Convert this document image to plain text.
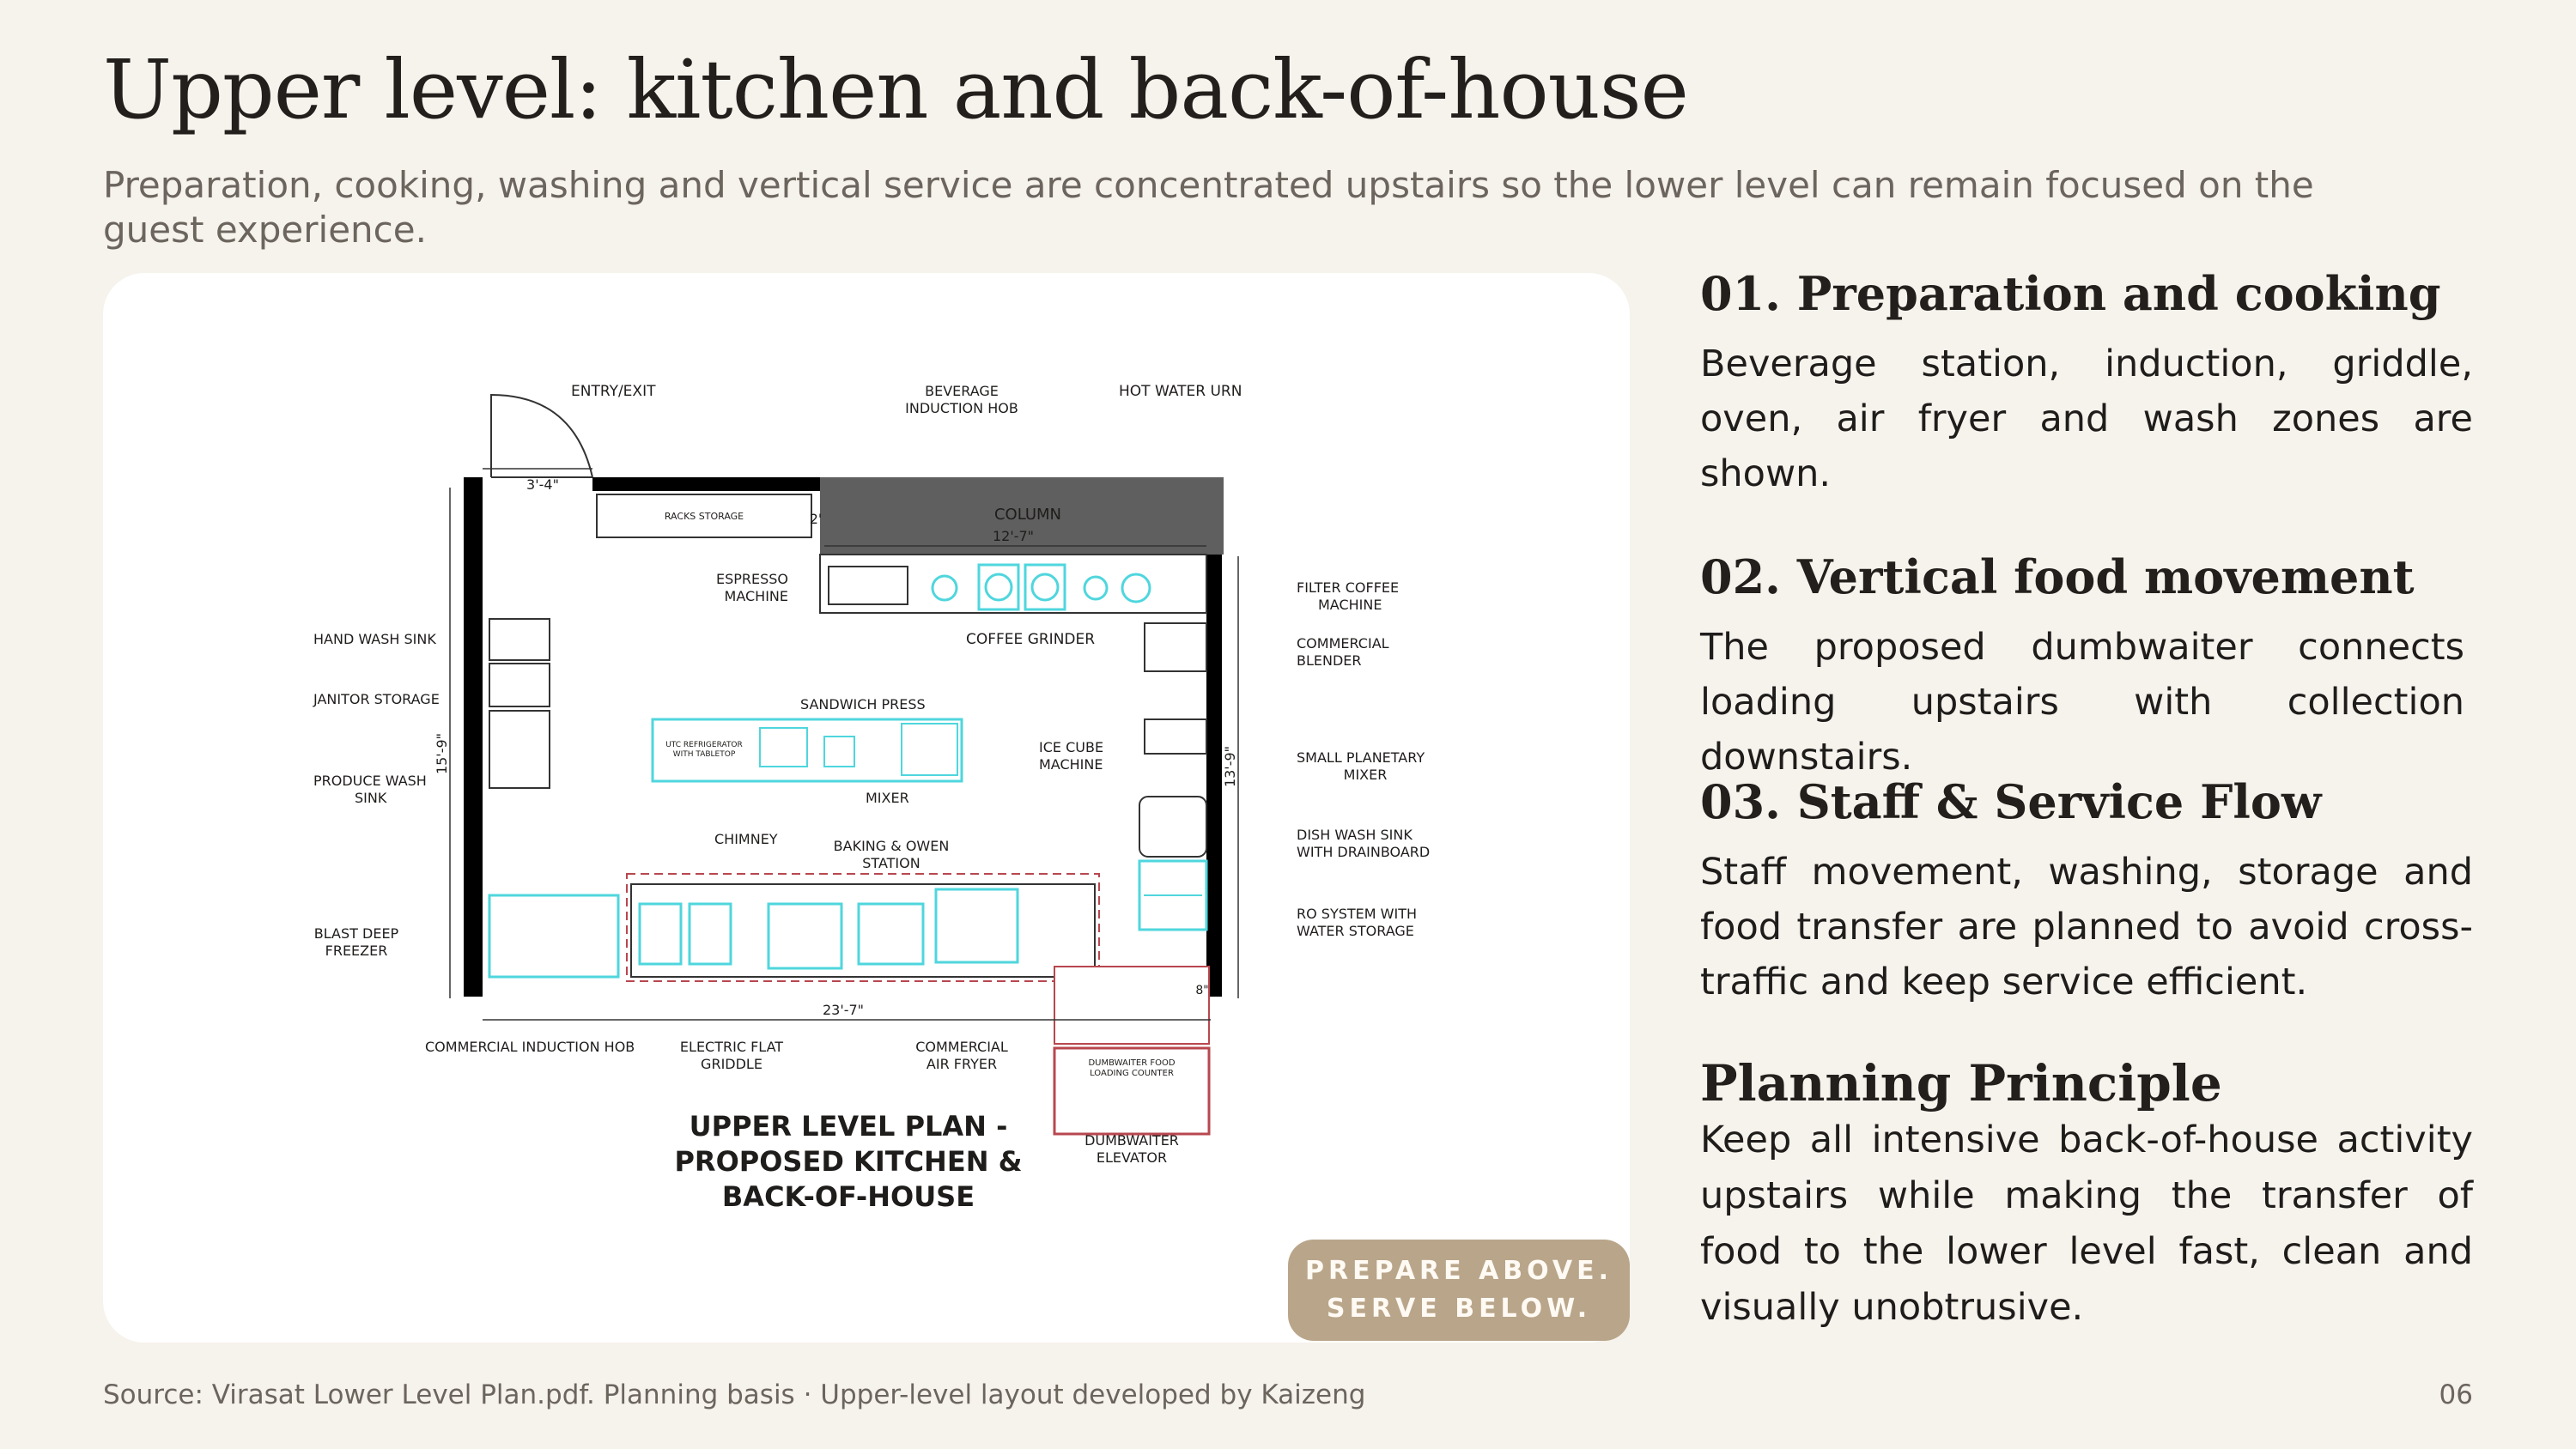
Upper level: kitchen and back-of-house
Preparation, cooking, washing and vertical service are concentrated upstairs so the lower level can remain focused on the guest experience.
3'-4"
12'-7"
2'
15'-9"	13'-9"
23'-7"
8"
ENTRY/EXIT	BEVERAGE
INDUCTION HOB
HOT WATER URN
COLUMN
RACKS STORAGE
ESPRESSO
MACHINE
COFFEE GRINDER
FILTER COFFEE
MACHINE
COMMERCIAL
BLENDER
HAND WASH SINK
JANITOR STORAGE
PRODUCE WASH
SINK
SANDWICH PRESS
UTC REFRIGERATOR
WITH TABLETOP	ICE CUBE
MACHINE
MIXER
SMALL PLANETARY
MIXER
CHIMNEY	BAKING & OWEN
STATION
DISH WASH SINK
WITH DRAINBOARD
RO SYSTEM WITH
WATER STORAGE
BLAST DEEP
FREEZER
COMMERCIAL INDUCTION HOB	ELECTRIC FLAT
GRIDDLE
COMMERCIAL
AIR FRYER	DUMBWAITER FOOD
LOADING COUNTER
DUMBWAITER
ELEVATOR
UPPER LEVEL PLAN -
PROPOSED KITCHEN &
BACK-OF-HOUSE
PREPARE ABOVE.
SERVE BELOW.
01. Preparation and cooking

Beverage station, induction, griddle, oven, air fryer and wash zones are shown.

02. Vertical food movement

The proposed dumbwaiter connects loading upstairs with collection downstairs.

03. Staff & Service Flow

Staff movement, washing, storage and food transfer are planned to avoid cross-traffic and keep service efficient.

Planning Principle

Keep all intensive back-of-house activity upstairs while making the transfer of food to the lower level fast, clean and visually unobtrusive.

Source: Virasat Lower Level Plan.pdf. Planning basis · Upper-level layout developed by Kaizeng	06
